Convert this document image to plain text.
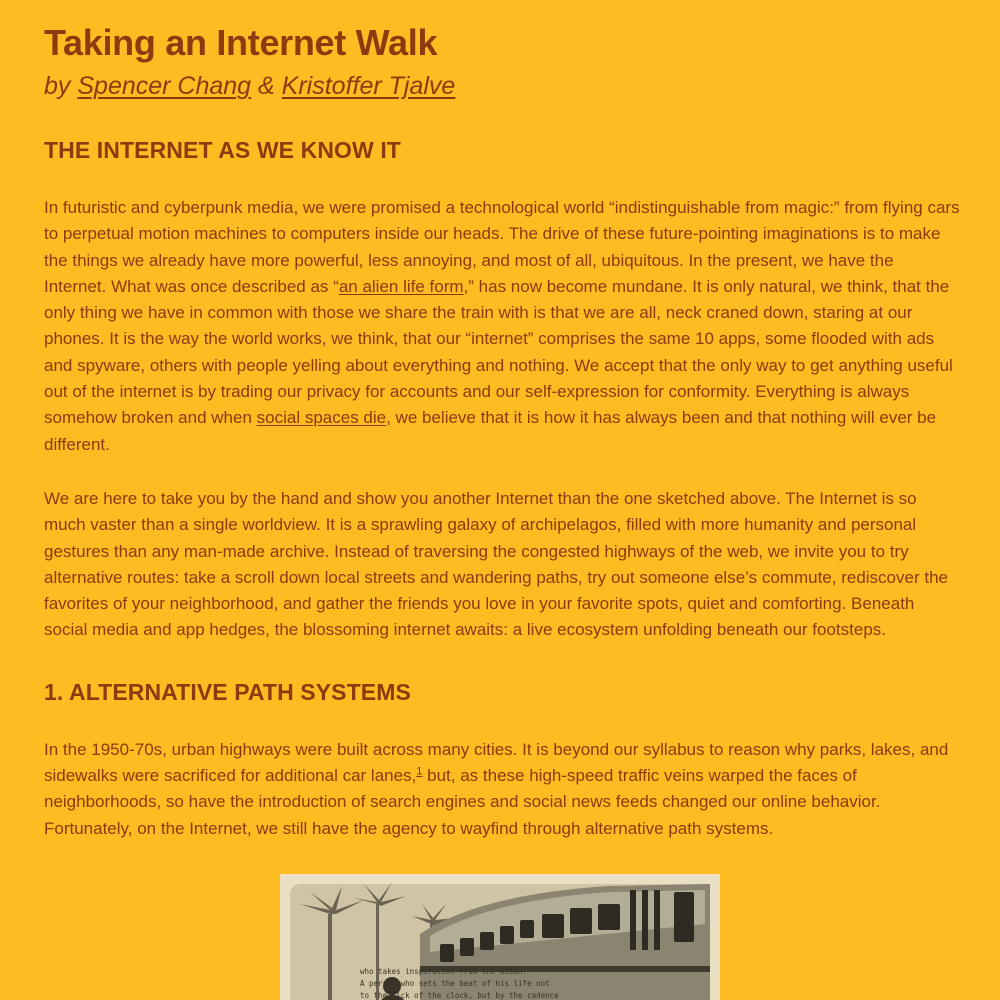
Taking an Internet Walk
by Spencer Chang & Kristoffer Tjalve
THE INTERNET AS WE KNOW IT

In futuristic and cyberpunk media, we were promised a technological world “indistinguishable from magic:” from flying cars to perpetual motion machines to computers inside our heads. The drive of these future-pointing imaginations is to make the things we already have more powerful, less annoying, and most of all, ubiquitous. In the present, we have the Internet. What was once described as “an alien life form,” has now become mundane. It is only natural, we think, that the only thing we have in common with those we share the train with is that we are all, neck craned down, staring at our phones. It is the way the world works, we think, that our “internet” comprises the same 10 apps, some flooded with ads and spyware, others with people yelling about everything and nothing. We accept that the only way to get anything useful out of the internet is by trading our privacy for accounts and our self-expression for conformity. Everything is always somehow broken and when social spaces die, we believe that it is how it has always been and that nothing will ever be different.

We are here to take you by the hand and show you another Internet than the one sketched above. The Internet is so much vaster than a single worldview. It is a sprawling galaxy of archipelagos, filled with more humanity and personal gestures than any man-made archive. Instead of traversing the congested highways of the web, we invite you to try alternative routes: take a scroll down local streets and wandering paths, try out someone else’s commute, rediscover the favorites of your neighborhood, and gather the friends you love in your favorite spots, quiet and comforting. Beneath social media and app hedges, the blossoming internet awaits: a live ecosystem unfolding beneath our footsteps.

1. ALTERNATIVE PATH SYSTEMS

In the 1950-70s, urban highways were built across many cities. It is beyond our syllabus to reason why parks, lakes, and sidewalks were sacrificed for additional car lanes,$^1$ but, as these high-speed traffic veins warped the faces of neighborhoods, so have the introduction of search engines and social news feeds changed our online behavior. Fortunately, on the Internet, we still have the agency to wayfind through alternative path systems.

who takes inspiration from the ocean.
A person who sets the beat of his life not
to the tick of the clock, but by the cadence
